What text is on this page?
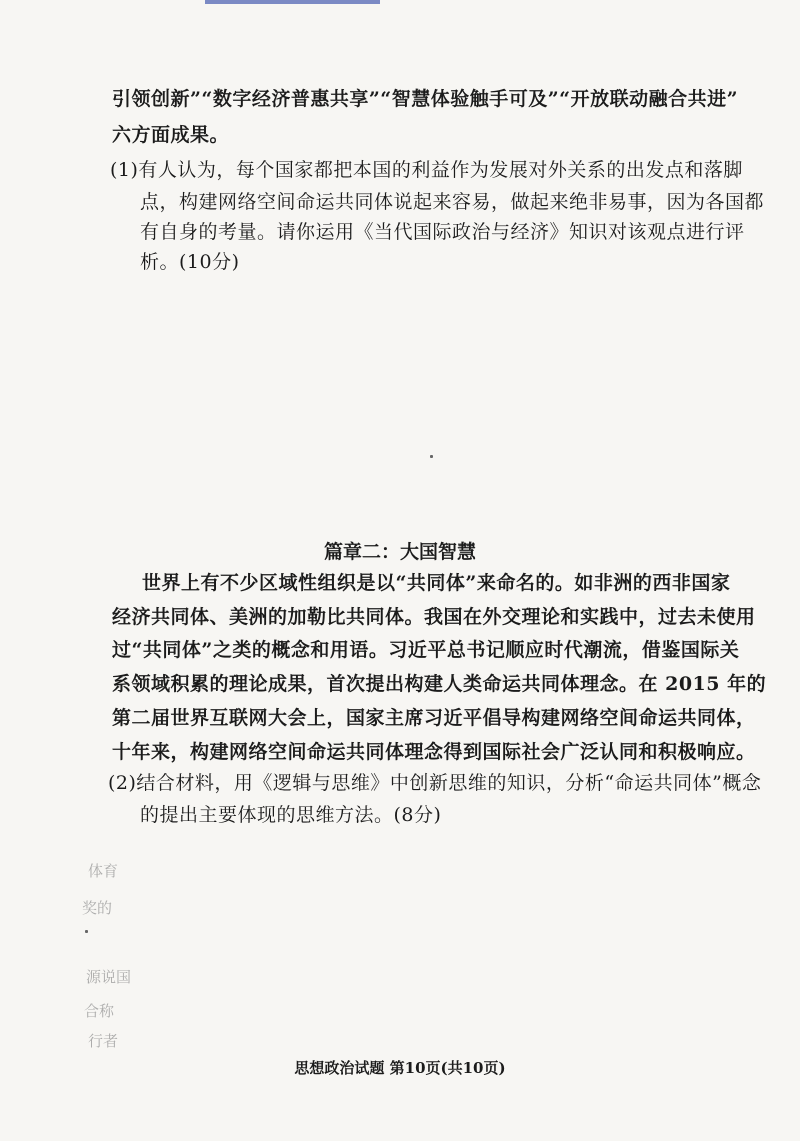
引领创新”“数字经济普惠共享”“智慧体验触手可及”“开放联动融合共进”
六方面成果。
(1)有人认为，每个国家都把本国的利益作为发展对外关系的出发点和落脚
点，构建网络空间命运共同体说起来容易，做起来绝非易事，因为各国都
有自身的考量。请你运用《当代国际政治与经济》知识对该观点进行评
析。(10分)
篇章二：大国智慧
世界上有不少区域性组织是以“共同体”来命名的。如非洲的西非国家
经济共同体、美洲的加勒比共同体。我国在外交理论和实践中，过去未使用
过“共同体”之类的概念和用语。习近平总书记顺应时代潮流，借鉴国际关
系领域积累的理论成果，首次提出构建人类命运共同体理念。在 2015 年的
第二届世界互联网大会上，国家主席习近平倡导构建网络空间命运共同体，
十年来，构建网络空间命运共同体理念得到国际社会广泛认同和积极响应。
(2)结合材料，用《逻辑与思维》中创新思维的知识，分析“命运共同体”概念
的提出主要体现的思维方法。(8分)
体育
奖的
源说国
合称
行者
思想政治试题 第10页(共10页)
